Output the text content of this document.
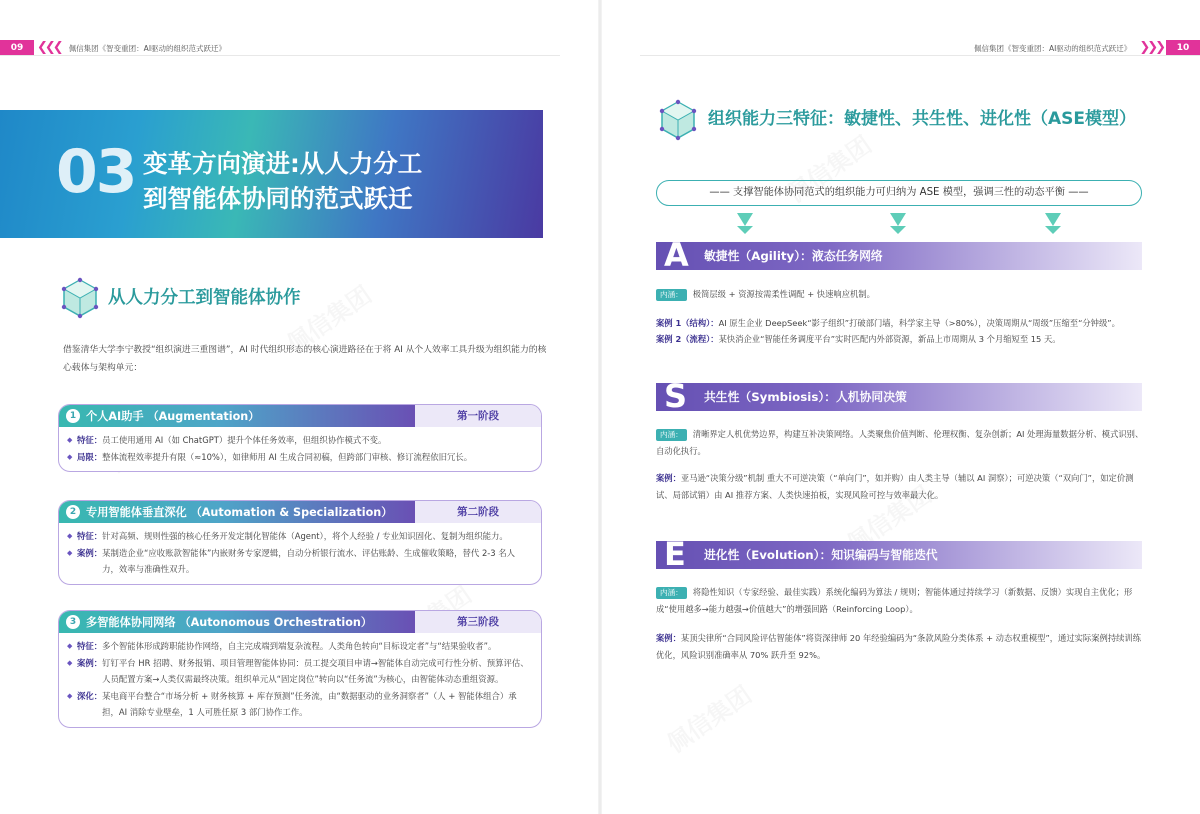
09	❮❮❮ 佩信集团《智变重团：AI驱动的组织范式跃迁》	佩信集团《智变重团：AI驱动的组织范式跃迁》 ❯❯❯	10
03 变革方向演进:从人力分工
到智能体协同的范式跃迁
从人力分工到智能体协作
借鉴清华大学李宁教授“组织演进三重图谱”，AI 时代组织形态的核心演进路径在于将 AI 从个人效率工具升级为组织能力的核心载体与架构单元：
1 个人AI助手 （Augmentation）	第一阶段
◆ 特征： 员工使用通用 AI（如 ChatGPT）提升个体任务效率，但组织协作模式不变。
◆ 局限： 整体流程效率提升有限（≈10%），如律师用 AI 生成合同初稿，但跨部门审核、修订流程依旧冗长。
2 专用智能体垂直深化 （Automation & Specialization）	第二阶段
◆ 特征： 针对高频、规则性强的核心任务开发定制化智能体（Agent），将个人经验 / 专业知识固化、复制为组织能力。
◆ 案例： 某制造企业“应收账款智能体”内嵌财务专家逻辑，自动分析银行流水、评估账龄、生成催收策略，替代 2-3 名人力，效率与准确性双升。
3 多智能体协同网络 （Autonomous Orchestration）	第三阶段
◆ 特征： 多个智能体形成跨职能协作网络，自主完成端到端复杂流程。人类角色转向“目标设定者”与“结果验收者”。
◆ 案例： 钉钉平台 HR 招聘、财务报销、项目管理智能体协同：员工提交项目申请→智能体自动完成可行性分析、预算评估、人员配置方案→人类仅需最终决策。组织单元从“固定岗位”转向以“任务流”为核心，由智能体动态重组资源。
◆ 深化： 某电商平台整合“市场分析 + 财务核算 + 库存预测”任务流，由“数据驱动的业务洞察者”（人 + 智能体组合）承担，AI 消除专业壁垒，1 人可胜任原 3 部门协作工作。
组织能力三特征：敏捷性、共生性、进化性（ASE模型）
—— 支撑智能体协同范式的组织能力可归纳为 ASE 模型，强调三性的动态平衡 ——
A 敏捷性（Agility）：液态任务网络
内涵： 极简层级 + 资源按需柔性调配 + 快速响应机制。
案例 1（结构）：AI 原生企业 DeepSeek“影子组织”打破部门墙，科学家主导（>80%），决策周期从“周级”压缩至“分钟级”。
案例 2（流程）：某快消企业“智能任务调度平台”实时匹配内外部资源，新品上市周期从 3 个月缩短至 15 天。
S 共生性（Symbiosis）：人机协同决策
内涵： 清晰界定人机优势边界，构建互补决策网络。人类聚焦价值判断、伦理权衡、复杂创新；AI 处理海量数据分析、模式识别、自动化执行。
案例：亚马逊“决策分级”机制 重大不可逆决策（“单向门”，如并购）由人类主导（辅以 AI 洞察）；可逆决策（“双向门”，如定价测试、局部试销）由 AI 推荐方案、人类快速拍板，实现风险可控与效率最大化。
E 进化性（Evolution）：知识编码与智能迭代
内涵： 将隐性知识（专家经验、最佳实践）系统化编码为算法 / 规则；智能体通过持续学习（新数据、反馈）实现自主优化；形成“使用越多→能力越强→价值越大”的增强回路（Reinforcing Loop）。
案例：某顶尖律所“合同风险评估智能体”将资深律师 20 年经验编码为“条款风险分类体系 + 动态权重模型”，通过实际案例持续训练优化，风险识别准确率从 70% 跃升至 92%。
